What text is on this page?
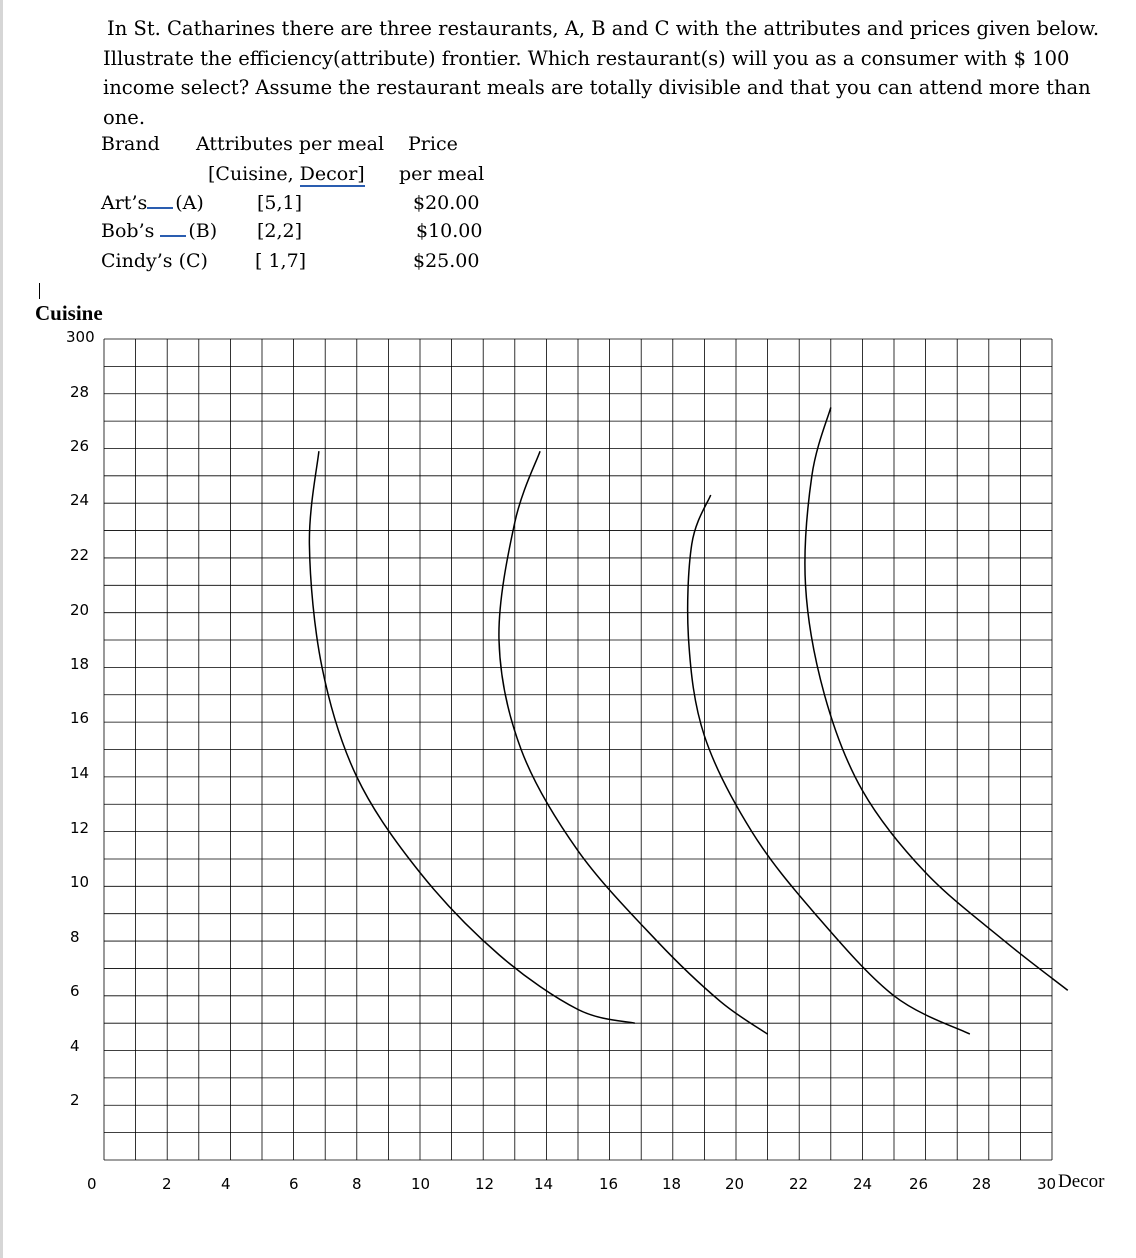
In St. Catharines there are three restaurants, A, B and C with the attributes and prices given below.
Illustrate the efficiency(attribute) frontier. Which restaurant(s) will you as a consumer with $ 100 income select? Assume the restaurant meals are totally divisible and that you can attend more than one.

Brand Attributes per meal Price
[Cuisine, Decor] per meal
Art’s (A)	[5,1]	$20.00
Bob’s (B) [2,2]	$10.00
Cindy’s (C) [ 1,7]	$25.00
Cuisine
Decor
300
28
26
24
22
20
18
16
14
12
10
8
6
4
2
0	2	4	6	8	10	12	14	16	18	20	22	24 26	28	30
